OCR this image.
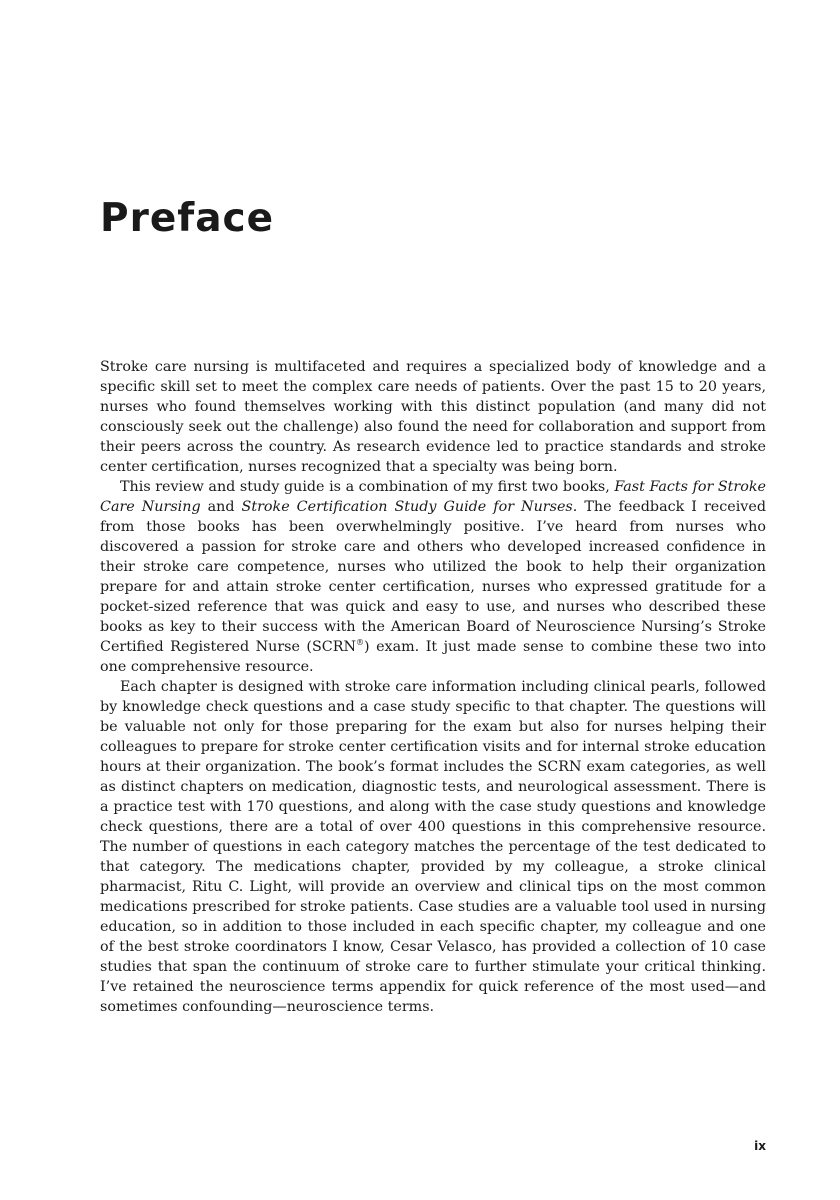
Preface

Stroke care nursing is multifaceted and requires a specialized body of knowledge and a specific skill set to meet the complex care needs of patients. Over the past 15 to 20 years, nurses who found themselves working with this distinct population (and many did not consciously seek out the challenge) also found the need for collaboration and support from their peers across the country. As research evidence led to practice standards and stroke center certification, nurses recognized that a specialty was being born.

This review and study guide is a combination of my first two books, Fast Facts for Stroke Care Nursing and Stroke Certification Study Guide for Nurses. The feedback I received from those books has been overwhelmingly positive. I’ve heard from nurses who discovered a passion for stroke care and others who developed increased confidence in their stroke care competence, nurses who utilized the book to help their organization prepare for and attain stroke center certification, nurses who expressed gratitude for a pocket-sized reference that was quick and easy to use, and nurses who described these books as key to their success with the American Board of Neuroscience Nursing’s Stroke Certified Registered Nurse (SCRN®) exam. It just made sense to combine these two into one comprehensive resource.

Each chapter is designed with stroke care information including clinical pearls, followed by knowledge check questions and a case study specific to that chapter. The questions will be valuable not only for those preparing for the exam but also for nurses helping their colleagues to prepare for stroke center certification visits and for internal stroke education hours at their organization. The book’s format includes the SCRN exam categories, as well as distinct chapters on medication, diagnostic tests, and neurological assessment. There is a practice test with 170 questions, and along with the case study questions and knowledge check questions, there are a total of over 400 questions in this comprehensive resource. The number of questions in each category matches the percentage of the test dedicated to that category. The medications chapter, provided by my colleague, a stroke clinical pharmacist, Ritu C. Light, will provide an overview and clinical tips on the most common medications prescribed for stroke patients. Case studies are a valuable tool used in nursing education, so in addition to those included in each specific chapter, my colleague and one of the best stroke coordinators I know, Cesar Velasco, has provided a collection of 10 case studies that span the continuum of stroke care to further stimulate your critical thinking. I’ve retained the neuroscience terms appendix for quick reference of the most used—and sometimes confounding—neuroscience terms.

ix
